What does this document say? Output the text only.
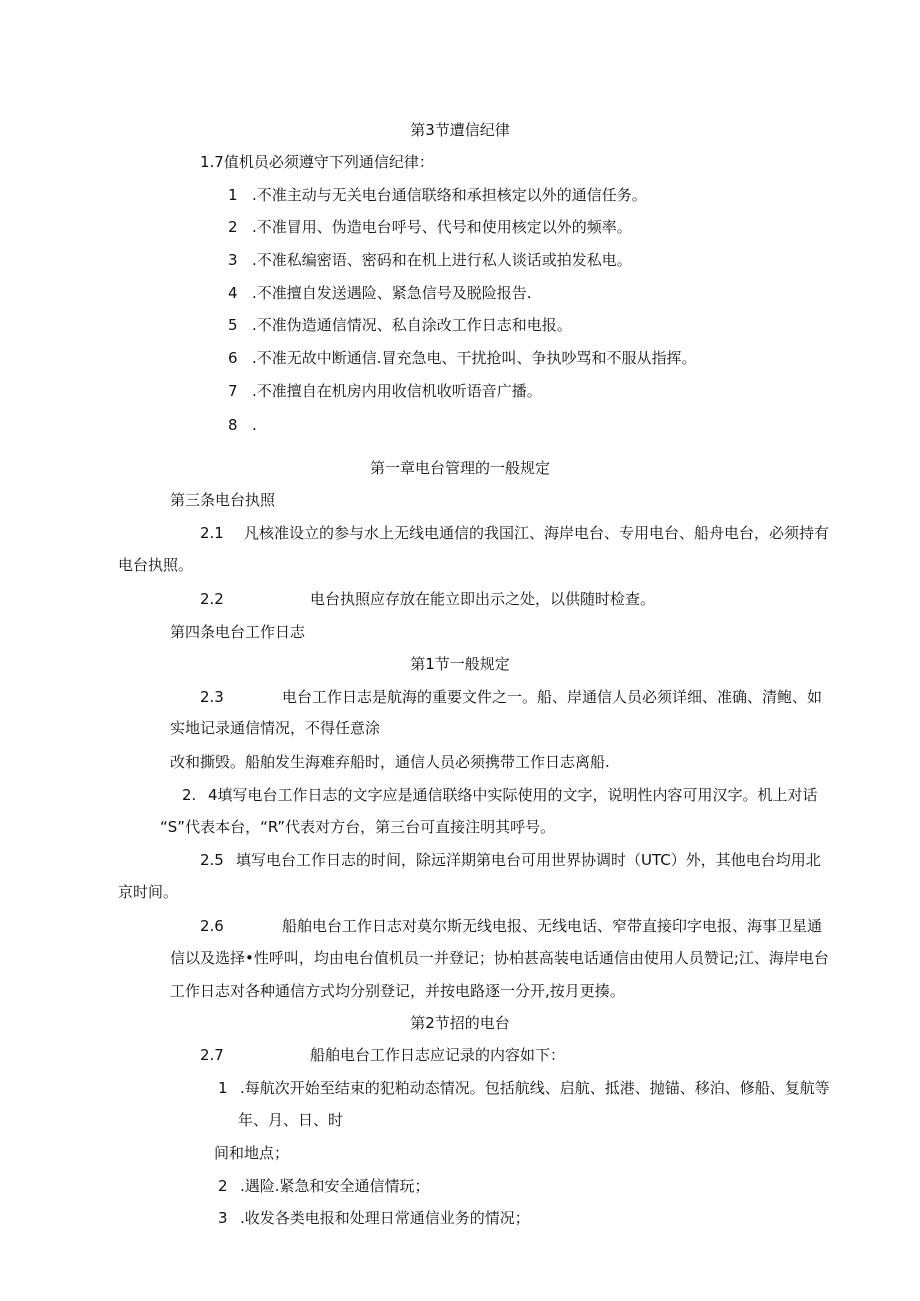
第3节遭信纪律
1.7值机员必须遵守下列通信纪律：
1 .不准主动与无关电台通信联络和承担核定以外的通信任务。
2 .不准冒用、伪造电台呼号、代号和使用核定以外的频率。
3 .不准私编密语、密码和在机上进行私人谈话或拍发私电。
4 .不准擅自发送遇险、紧急信号及脱险报告.
5 .不准伪造通信情况、私自涂改工作日志和电报。
6 .不准无故中断通信.冒充急电、干扰抢叫、争执吵骂和不服从指挥。
7 .不准擅自在机房内用收信机收听语音广播。
8 .
第一章电台管理的一般规定
第三条电台执照
2.1 凡核准设立的参与水上无线电通信的我国江、海岸电台、专用电台、船舟电台，必须持有
电台执照。
2.2	电台执照应存放在能立即出示之处，以供随时检查。
第四条电台工作日志
第1节一般规定
2.3	电台工作日志是航海的重要文件之一。船、岸通信人员必须详细、准确、清鲍、如
实地记录通信情况，不得任意涂
改和撕毁。船舶发生海难弃船时，通信人员必须携带工作日志离船.
2. 4填写电台工作日志的文字应是通信联络中实际使用的文字，说明性内容可用汉字。机上对话
“S”代表本台，“R”代表对方台，第三台可直接注明其呼号。
2.5 填写电台工作日志的时间，除远洋期第电台可用世界协调时（UTC）外，其他电台均用北
京时间。
2.6	船舶电台工作日志对莫尔斯无线电报、无线电话、窄带直接印字电报、海事卫星通
信以及选择•性呼叫，均由电台值机员一并登记；协柏甚高装电话通信由使用人员赞记;江、海岸电台
工作日志对各种通信方式均分别登记，并按电路逐一分开,按月更揍。
第2节招的电台
2.7	船舶电台工作日志应记录的内容如下：
1 .每航次开始至结束的犯粕动态情况。包括航线、启航、抵港、抛锚、移泊、修船、复航等
年、月、日、时
间和地点；
2 .遇险.紧急和安全通信情玩；
3 .收发各类电报和处理日常通信业务的情况；
